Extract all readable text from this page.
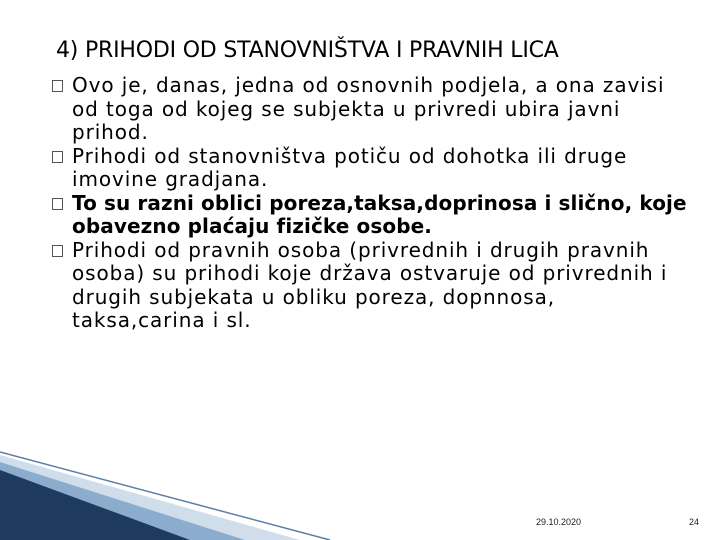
4) PRIHODI OD STANOVNIŠTVA I PRAVNIH LICA
Ovo je, danas, jedna od osnovnih podjela, a ona zavisi od toga od kojeg se subjekta u privredi ubira javni prihod.
Prihodi od stanovništva potiču od dohotka ili druge imovine gradjana.
To su razni oblici poreza,taksa,doprinosa i slično, koje obavezno plaćaju fizičke osobe.
Prihodi od pravnih osoba (privrednih i drugih pravnih osoba) su prihodi koje država ostvaruje od privrednih i drugih subjekata u obliku poreza, dopnnosa, taksa,carina i sl.
29.10.2020	24
